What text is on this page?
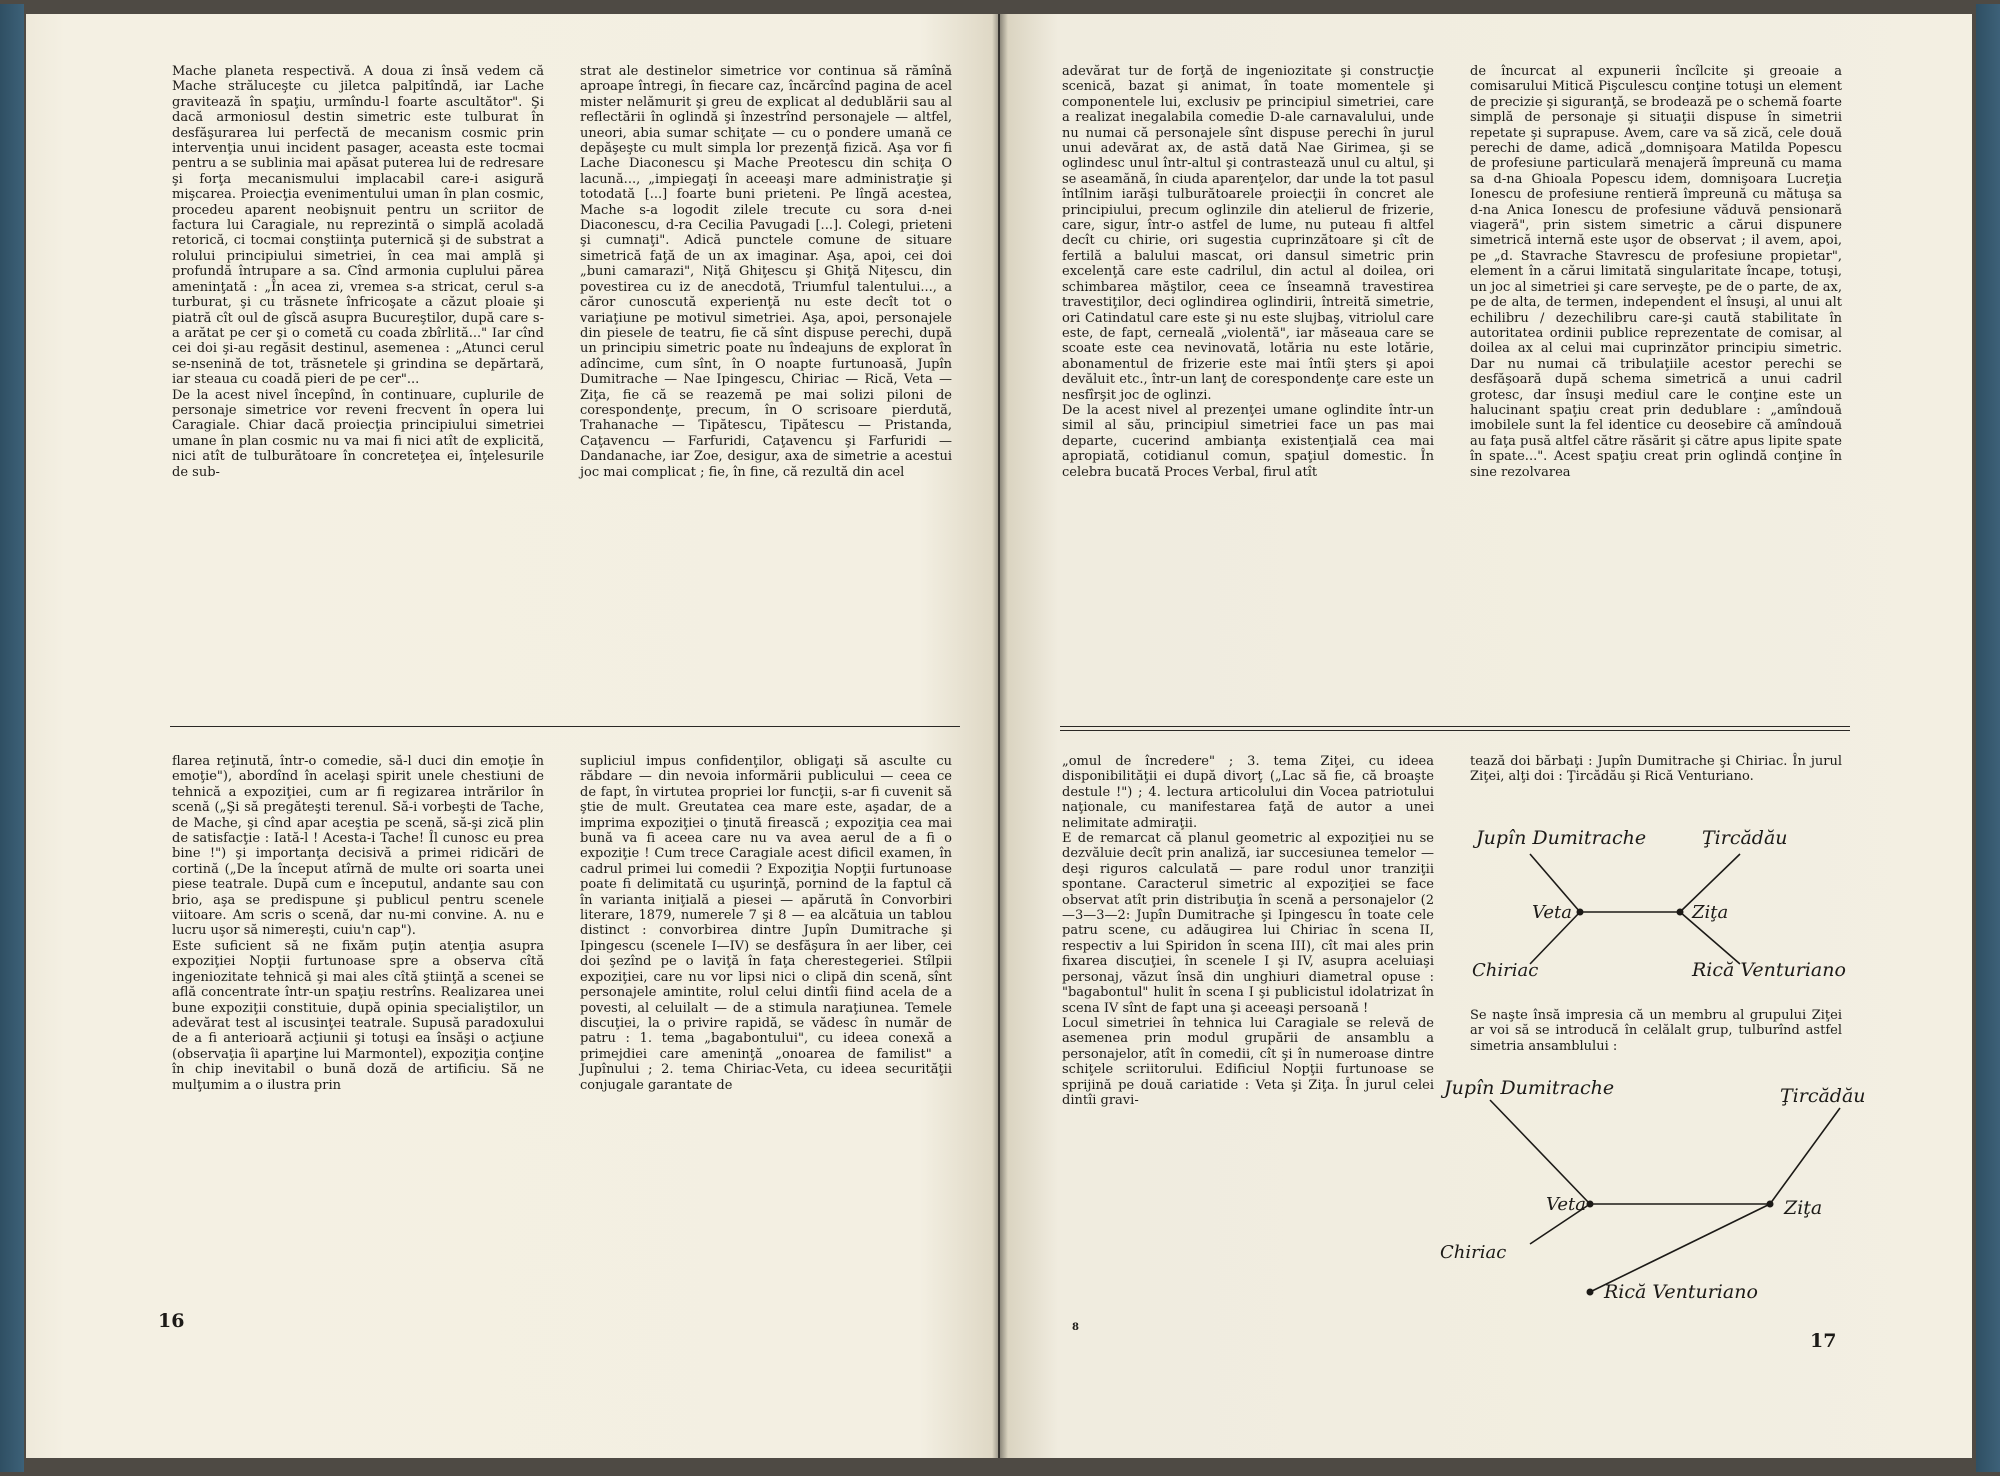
Mache planeta respectivă. A doua zi însă vedem că Mache străluceşte cu jiletca palpitîndă, iar Lache gravitează în spaţiu, urmîndu-l foarte ascultător". Şi dacă armoniosul destin simetric este tulburat în desfăşurarea lui perfectă de mecanism cosmic prin intervenţia unui incident pasager, aceasta este tocmai pentru a se sublinia mai apăsat puterea lui de redresare şi forţa mecanismului implacabil care-i asigură mişcarea. Proiecţia evenimentului uman în plan cosmic, procedeu aparent neobişnuit pentru un scriitor de factura lui Caragiale, nu reprezintă o simplă acoladă retorică, ci tocmai conştiinţa puternică şi de substrat a rolului principiului simetriei, în cea mai amplă şi profundă întrupare a sa. Cînd armonia cuplului părea ameninţată : „În acea zi, vremea s-a stricat, cerul s-a turburat, şi cu trăsnete înfricoşate a căzut ploaie şi piatră cît oul de gîscă asupra Bucureştilor, după care s-a arătat pe cer şi o cometă cu coada zbîrlită..." Iar cînd cei doi şi-au regăsit destinul, asemenea : „Atunci cerul se-nsenină de tot, trăsnetele şi grindina se depărtară, iar steaua cu coadă pieri de pe cer"...
De la acest nivel începînd, în continuare, cuplurile de personaje simetrice vor reveni frecvent în opera lui Caragiale. Chiar dacă proiecţia principiului simetriei umane în plan cosmic nu va mai fi nici atît de explicită, nici atît de tulburătoare în concreteţea ei, înţelesurile de sub-
strat ale destinelor simetrice vor continua să rămînă aproape întregi, în fiecare caz, încărcînd pagina de acel mister nelămurit şi greu de explicat al dedublării sau al reflectării în oglindă şi înzestrînd personajele — altfel, uneori, abia sumar schiţate — cu o pondere umană ce depăşeşte cu mult simpla lor prezenţă fizică. Aşa vor fi Lache Diaconescu şi Mache Preotescu din schiţa O lacună..., „impiegaţi în aceeaşi mare administraţie şi totodată [...] foarte buni prieteni. Pe lîngă acestea, Mache s-a logodit zilele trecute cu sora d-nei Diaconescu, d-ra Cecilia Pavugadi [...]. Colegi, prieteni şi cumnaţi". Adică punctele comune de situare simetrică faţă de un ax imaginar. Aşa, apoi, cei doi „buni camarazi", Niţă Ghiţescu şi Ghiţă Niţescu, din povestirea cu iz de anecdotă, Triumful talentului..., a căror cunoscută experienţă nu este decît tot o variaţiune pe motivul simetriei. Aşa, apoi, personajele din piesele de teatru, fie că sînt dispuse perechi, după un principiu simetric poate nu îndeajuns de explorat în adîncime, cum sînt, în O noapte furtunoasă, Jupîn Dumitrache — Nae Ipingescu, Chiriac — Rică, Veta — Ziţa, fie că se reazemă pe mai solizi piloni de corespondenţe, precum, în O scrisoare pierdută, Trahanache — Tipătescu, Tipătescu — Pristanda, Caţavencu — Farfuridi, Caţavencu şi Farfuridi — Dandanache, iar Zoe, desigur, axa de simetrie a acestui joc mai complicat ; fie, în fine, că rezultă din acel
flarea reţinută, într-o comedie, să-l duci din emoţie în emoţie"), abordînd în acelaşi spirit unele chestiuni de tehnică a expoziţiei, cum ar fi regizarea intrărilor în scenă („Şi să pregăteşti terenul. Să-i vorbeşti de Tache, de Mache, şi cînd apar aceştia pe scenă, să-şi zică plin de satisfacţie : Iată-l ! Acesta-i Tache! Îl cunosc eu prea bine !") şi importanţa decisivă a primei ridicări de cortină („De la început atîrnă de multe ori soarta unei piese teatrale. După cum e începutul, andante sau con brio, aşa se predispune şi publicul pentru scenele viitoare. Am scris o scenă, dar nu-mi convine. A. nu e lucru uşor să nimereşti, cuiu'n cap").
Este suficient să ne fixăm puţin atenţia asupra expoziţiei Nopţii furtunoase spre a observa cîtă ingeniozitate tehnică şi mai ales cîtă ştiinţă a scenei se află concentrate într-un spaţiu restrîns. Realizarea unei bune expoziţii constituie, după opinia specialiştilor, un adevărat test al iscusinţei teatrale. Supusă paradoxului de a fi anterioară acţiunii şi totuşi ea însăşi o acţiune (observaţia îi aparţine lui Marmontel), expoziţia conţine în chip inevitabil o bună doză de artificiu. Să ne mulţumim a o ilustra prin
supliciul impus confidenţilor, obligaţi să asculte cu răbdare — din nevoia informării publicului — ceea ce de fapt, în virtutea propriei lor funcţii, s-ar fi cuvenit să ştie de mult. Greutatea cea mare este, aşadar, de a imprima expoziţiei o ţinută firească ; expoziţia cea mai bună va fi aceea care nu va avea aerul de a fi o expoziţie ! Cum trece Caragiale acest dificil examen, în cadrul primei lui comedii ? Expoziţia Nopţii furtunoase poate fi delimitată cu uşurinţă, pornind de la faptul că în varianta iniţială a piesei — apărută în Convorbiri literare, 1879, numerele 7 şi 8 — ea alcătuia un tablou distinct : convorbirea dintre Jupîn Dumitrache şi Ipingescu (scenele I—IV) se desfăşura în aer liber, cei doi şezînd pe o laviţă în faţa cherestegeriei. Stîlpii expoziţiei, care nu vor lipsi nici o clipă din scenă, sînt personajele amintite, rolul celui dintîi fiind acela de a povesti, al celuilalt — de a stimula naraţiunea. Temele discuţiei, la o privire rapidă, se vădesc în număr de patru : 1. tema „bagabontului", cu ideea conexă a primejdiei care ameninţă „onoarea de familist" a Jupînului ; 2. tema Chiriac-Veta, cu ideea securităţii conjugale garantate de
16
adevărat tur de forţă de ingeniozitate şi construcţie scenică, bazat şi animat, în toate momentele şi componentele lui, exclusiv pe principiul simetriei, care a realizat inegalabila comedie D-ale carnavalului, unde nu numai că personajele sînt dispuse perechi în jurul unui adevărat ax, de astă dată Nae Girimea, şi se oglindesc unul într-altul şi contrastează unul cu altul, şi se aseamănă, în ciuda aparenţelor, dar unde la tot pasul întîlnim iarăşi tulburătoarele proiecţii în concret ale principiului, precum oglinzile din atelierul de frizerie, care, sigur, într-o astfel de lume, nu puteau fi altfel decît cu chirie, ori sugestia cuprinzătoare şi cît de fertilă a balului mascat, ori dansul simetric prin excelenţă care este cadrilul, din actul al doilea, ori schimbarea măştilor, ceea ce înseamnă travestirea travestiţilor, deci oglindirea oglindirii, întreită simetrie, ori Catindatul care este şi nu este slujbaş, vitriolul care este, de fapt, cerneală „violentă", iar măseaua care se scoate este cea nevinovată, lotăria nu este lotărie, abonamentul de frizerie este mai întîi şters şi apoi devăluit etc., într-un lanţ de corespondenţe care este un nesfîrşit joc de oglinzi.
De la acest nivel al prezenţei umane oglindite într-un simil al său, principiul simetriei face un pas mai departe, cucerind ambianţa existenţială cea mai apropiată, cotidianul comun, spaţiul domestic. În celebra bucată Proces Verbal, firul atît
de încurcat al expunerii încîlcite şi greoaie a comisarului Mitică Pişculescu conţine totuşi un element de precizie şi siguranţă, se brodează pe o schemă foarte simplă de personaje şi situaţii dispuse în simetrii repetate şi suprapuse. Avem, care va să zică, cele două perechi de dame, adică „domnişoara Matilda Popescu de profesiune particulară menajeră împreună cu mama sa d-na Ghioala Popescu idem, domnişoara Lucreţia Ionescu de profesiune rentieră împreună cu mătuşa sa d-na Anica Ionescu de profesiune văduvă pensionară viageră", prin sistem simetric a cărui dispunere simetrică internă este uşor de observat ; il avem, apoi, pe „d. Stavrache Stavrescu de profesiune propietar", element în a cărui limitată singularitate încape, totuşi, un joc al simetriei şi care serveşte, pe de o parte, de ax, pe de alta, de termen, independent el însuşi, al unui alt echilibru / dezechilibru care-şi caută stabilitate în autoritatea ordinii publice reprezentate de comisar, al doilea ax al celui mai cuprinzător principiu simetric. Dar nu numai că tribulaţiile acestor perechi se desfăşoară după schema simetrică a unui cadril grotesc, dar însuşi mediul care le conţine este un halucinant spaţiu creat prin dedublare : „amîndouă imobilele sunt la fel identice cu deosebire că amîndouă au faţa pusă altfel către răsărit şi către apus lipite spate în spate...". Acest spaţiu creat prin oglindă conţine în sine rezolvarea
„omul de încredere" ; 3. tema Ziţei, cu ideea disponibilităţii ei după divorţ („Lac să fie, că broaşte destule !") ; 4. lectura articolului din Vocea patriotului naţionale, cu manifestarea faţă de autor a unei nelimitate admiraţii.
E de remarcat că planul geometric al expoziţiei nu se dezvăluie decît prin analiză, iar succesiunea temelor — deşi riguros calculată — pare rodul unor tranziţii spontane. Caracterul simetric al expoziţiei se face observat atît prin distribuţia în scenă a personajelor (2—3—3—2: Jupîn Dumitrache şi Ipingescu în toate cele patru scene, cu adăugirea lui Chiriac în scena II, respectiv a lui Spiridon în scena III), cît mai ales prin fixarea discuţiei, în scenele I şi IV, asupra aceluiaşi personaj, văzut însă din unghiuri diametral opuse : "bagabontul" hulit în scena I şi publicistul idolatrizat în scena IV sînt de fapt una şi aceeaşi persoană !
Locul simetriei în tehnica lui Caragiale se relevă de asemenea prin modul grupării de ansamblu a personajelor, atît în comedii, cît şi în numeroase dintre schiţele scriitorului. Edificiul Nopţii furtunoase se sprijină pe două cariatide : Veta şi Ziţa. În jurul celei dintîi gravi-
tează doi bărbaţi : Jupîn Dumitrache şi Chiriac. În jurul Ziţei, alţi doi : Ţircădău şi Rică Venturiano.
Jupîn Dumitrache	Ţircădău
Veta	Ziţa
Chiriac	Rică Venturiano
Se naşte însă impresia că un membru al grupului Ziţei ar voi să se introducă în celălalt grup, tulburînd astfel simetria ansamblului :
Jupîn Dumitrache	Ţircădău
Veta	Ziţa
Chiriac
Rică Venturiano
8
17
